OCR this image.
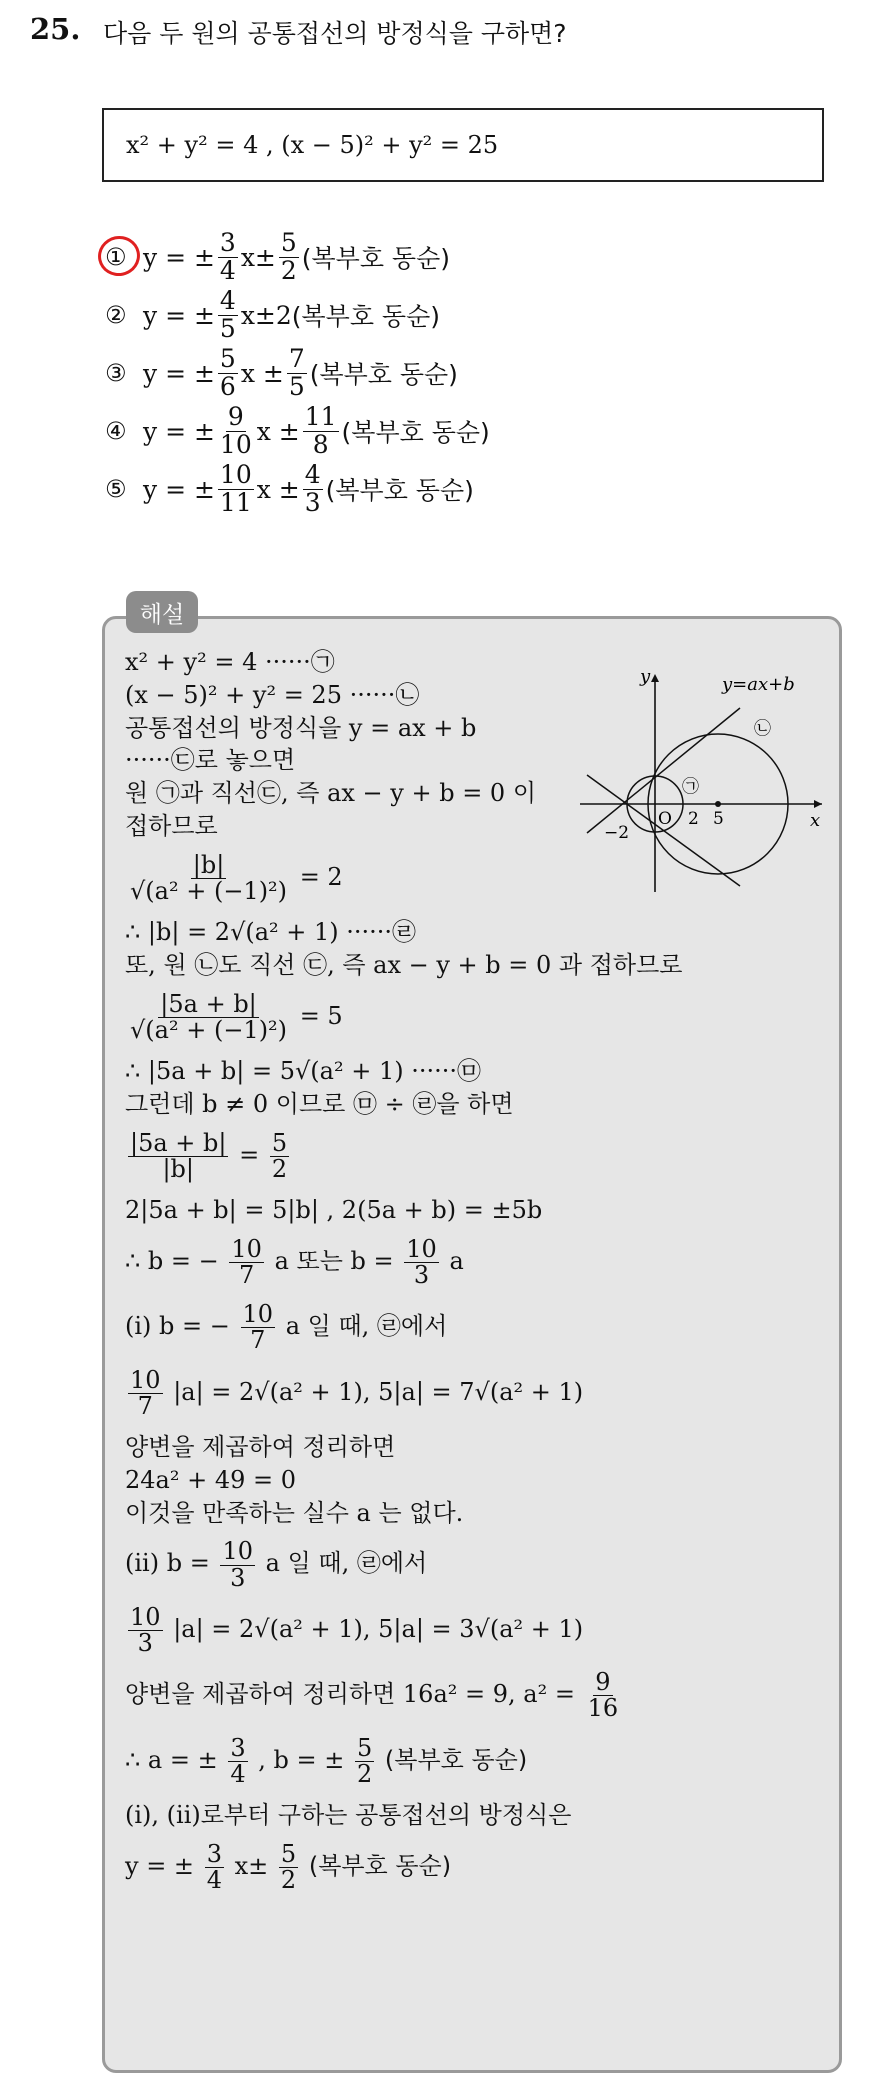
25. 다음 두 원의 공통접선의 방정식을 구하면?
x² + y² = 4 , (x − 5)² + y² = 25
① y = ± $\frac{3}{4} x\pm \frac{5}{2}$ (복부호 동순)
② y = ± $\frac{4}{5} x\pm 2$ (복부호 동순)
③ y = ± $\frac{5}{6}$ $x \pm \frac{7}{5}$ (복부호 동순)
④ y = ± $\frac{9}{10}$ $x \pm \frac{11}{8}$ (복부호 동순)
⑤ y = ± $\frac{10}{11}$ $x \pm \frac{4}{3}$ (복부호 동순)
해설
x² + y² = 4 ······㉠
(x − 5)² + y² = 25 ······㉡
공통접선의 방정식을 y = ax + b
······㉢로 놓으면
원 ㉠과 직선㉢, 즉 ax − y + b = 0 이
접하므로
$\frac{|b|}{\text{√(a² + (−1)²)}} = 2$
∴ |b| = 2√(a² + 1) ······㉣
또, 원 ㉡도 직선 ㉢, 즉 ax − y + b = 0 과 접하므로
$\frac{|5a + b|}{\text{√(a² + (−1)²)}} = 5$
∴ |5a + b| = 5√(a² + 1) ······㉤
그런데 b ≠ 0 이므로 ㉤ ÷ ㉣을 하면
$\frac{|5a + b|}{|b|} = \frac{5}{2}$
2|5a + b| = 5|b| , 2(5a + b) = ±5b
∴ b = − $\frac{10}{7}$ a 또는 $b = \frac{10}{3}$ a
(i) b = − $\frac{10}{7}$ a 일 때, ㉣에서
$\frac{10}{7} |a| = 2√(a^2 + 1)$, 5|a| = 7√(a² + 1)
양변을 제곱하여 정리하면
24a² + 49 = 0
이것을 만족하는 실수 a 는 없다.
(ii) $b = \frac{10}{3}$ a 일 때, ㉣에서
$\frac{10}{3} |a| = 2√(a^2 + 1)$, 5|a| = 3√(a² + 1)
양변을 제곱하여 정리하면 16a² = 9, $a^2 = \frac{9}{16}$
∴ a = ± $\frac{3}{4}$ , b = ± $\frac{5}{2}$ (복부호 동순)
(i), (ii)로부터 구하는 공통접선의 방정식은
y = ± $\frac{3}{4} x\pm \frac{5}{2}$ (복부호 동순)
y
x
y=ax+b
㉠
㉡
O
−2
2 5
